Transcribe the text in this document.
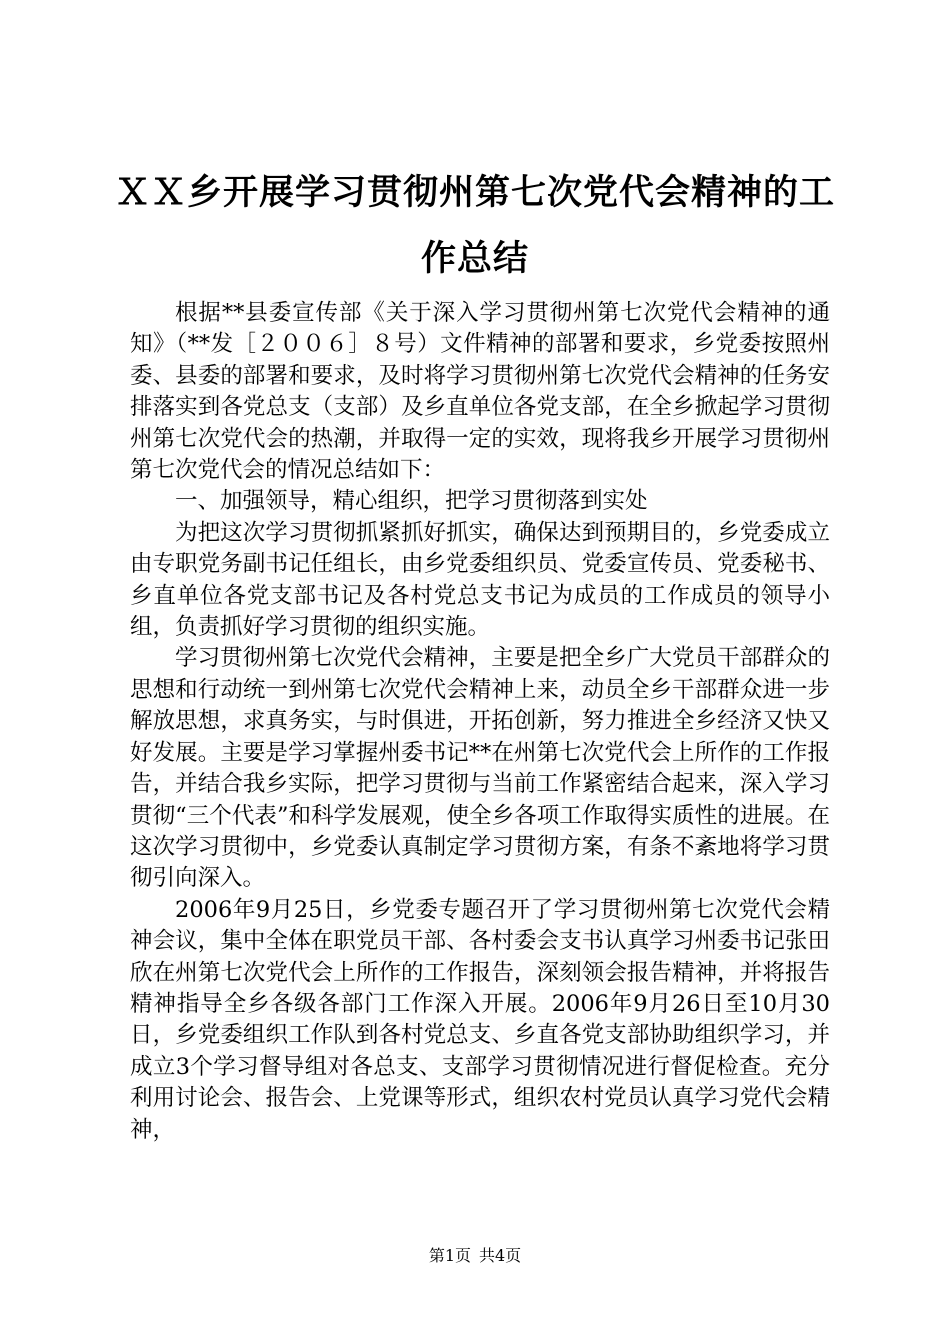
ＸＸ乡开展学习贯彻州第七次党代会精神的工作总结

根据**县委宣传部《关于深入学习贯彻州第七次党代会精神的通知》（**发［２００６］８号）文件精神的部署和要求，乡党委按照州委、县委的部署和要求，及时将学习贯彻州第七次党代会精神的任务安排落实到各党总支（支部）及乡直单位各党支部，在全乡掀起学习贯彻州第七次党代会的热潮，并取得一定的实效，现将我乡开展学习贯彻州第七次党代会的情况总结如下：

一、加强领导，精心组织，把学习贯彻落到实处

为把这次学习贯彻抓紧抓好抓实，确保达到预期目的，乡党委成立由专职党务副书记任组长，由乡党委组织员、党委宣传员、党委秘书、乡直单位各党支部书记及各村党总支书记为成员的工作成员的领导小组，负责抓好学习贯彻的组织实施。

学习贯彻州第七次党代会精神，主要是把全乡广大党员干部群众的思想和行动统一到州第七次党代会精神上来，动员全乡干部群众进一步解放思想，求真务实，与时俱进，开拓创新，努力推进全乡经济又快又好发展。主要是学习掌握州委书记**在州第七次党代会上所作的工作报告，并结合我乡实际，把学习贯彻与当前工作紧密结合起来，深入学习贯彻“三个代表”和科学发展观，使全乡各项工作取得实质性的进展。在这次学习贯彻中，乡党委认真制定学习贯彻方案，有条不紊地将学习贯彻引向深入。

2006年9月25日，乡党委专题召开了学习贯彻州第七次党代会精神会议，集中全体在职党员干部、各村委会支书认真学习州委书记张田欣在州第七次党代会上所作的工作报告，深刻领会报告精神，并将报告精神指导全乡各级各部门工作深入开展。2006年9月26日至10月30日，乡党委组织工作队到各村党总支、乡直各党支部协助组织学习，并成立3个学习督导组对各总支、支部学习贯彻情况进行督促检查。充分利用讨论会、报告会、上党课等形式，组织农村党员认真学习党代会精神，

第1页 共4页
